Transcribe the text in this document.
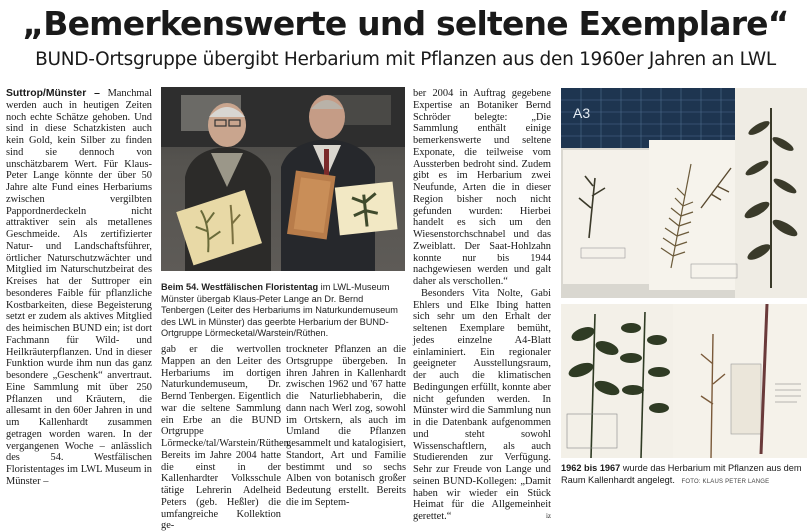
„Bemerkenswerte und seltene Exemplare“
BUND-Ortsgruppe übergibt Herbarium mit Pflanzen aus den 1960er Jahren an LWL

Suttrop/Münster – Manchmal werden auch in heutigen Zeiten noch echte Schätze gehoben. Und sind in diese Schatzkisten auch kein Gold, kein Silber zu finden sind sie dennoch von unschätzbarem Wert. Für Klaus-Peter Lange könnte der über 50 Jahre alte Fund eines Herbariums zwischen vergilbten Pappordnerdeckeln nicht attraktiver sein als metallenes Geschmeide. Als zertifizierter Natur- und Landschaftsführer, örtlicher Naturschutzwächter und Mitglied im Naturschutzbeirat des Kreises hat der Suttroper ein besonderes Faible für pflanzliche Kostbarkeiten, diese Begeisterung setzt er zudem als aktives Mitglied des heimischen BUND ein; ist dort Fachmann für Wild- und Heilkräuterpflanzen. Und in dieser Funktion wurde ihm nun das ganz besondere „Geschenk“ anvertraut. Eine Sammlung mit über 250 Pflanzen und Kräutern, die allesamt in den 60er Jahren in und um Kallenhardt zusammen getragen worden waren. In der vergangenen Woche – anlässlich des 54. Westfälischen Floristentages im LWL Museum in Münster –

Beim 54. Westfälischen Floristentag im LWL-Museum Münster übergab Klaus-Peter Lange an Dr. Bernd Tenbergen (Leiter des Herbariums im Naturkundemuseum des LWL in Münster) das geerbte Herbarium der BUND-Ortgruppe Lörmecketal/Warstein/Rüthen.

gab er die wertvollen Mappen an den Leiter des Herbariums im dortigen Naturkundemuseum, Dr. Bernd Tenbergen. Eigentlich war die seltene Sammlung ein Erbe an die BUND Ortgruppe Lörmecke/tal/Warstein/Rüthen. Bereits im Jahre 2004 hatte die einst in der Kallenhardter Volksschule tätige Lehrerin Adelheid Peters (geb. Heßler) die umfangreiche Kollektion ge-

trockneter Pflanzen an die Ortsgruppe übergeben. In ihren Jahren in Kallenhardt zwischen 1962 und '67 hatte die Naturliebhaberin, die dann nach Werl zog, sowohl im Ortskern, als auch im Umland die Pflanzen gesammelt und katalogisiert, Standort, Art und Familie bestimmt und so sechs Alben von botanisch großer Bedeutung erstellt. Bereits die im Septem-

ber 2004 in Auftrag gegebene Expertise an Botaniker Bernd Schröder belegte: „Die Sammlung enthält einige bemerkenswerte und seltene Exponate, die teilweise vom Aussterben bedroht sind. Zudem gibt es im Herbarium zwei Neufunde, Arten die in dieser Region bisher noch nicht gefunden wurden: Hierbei handelt es sich um den Wiesenstorchschnabel und das Zweiblatt. Der Saat-Hohlzahn konnte nur bis 1944 nachgewiesen werden und galt daher als verschollen.“

Besonders Vita Nolte, Gabi Ehlers und Elke Ibing hatten sich sehr um den Erhalt der seltenen Exemplare bemüht, jedes einzelne A4-Blatt einlaminiert. Ein regionaler geeigneter Ausstellungsraum, der auch die klimatischen Bedingungen erfüllt, konnte aber nicht gefunden werden. In Münster wird die Sammlung nun in die Datenbank aufgenommen und steht sowohl Wissenschaftlern, als auch Studierenden zur Verfügung. Sehr zur Freude von Lange und seinen BUND-Kollegen: „Damit haben wir wieder ein Stück Heimat für die Allgemeinheit gerettet.“	iz

A3
1962 bis 1967 wurde das Herbarium mit Pflanzen aus dem Raum Kallenhardt angelegt. FOTO: KLAUS PETER LANGE
